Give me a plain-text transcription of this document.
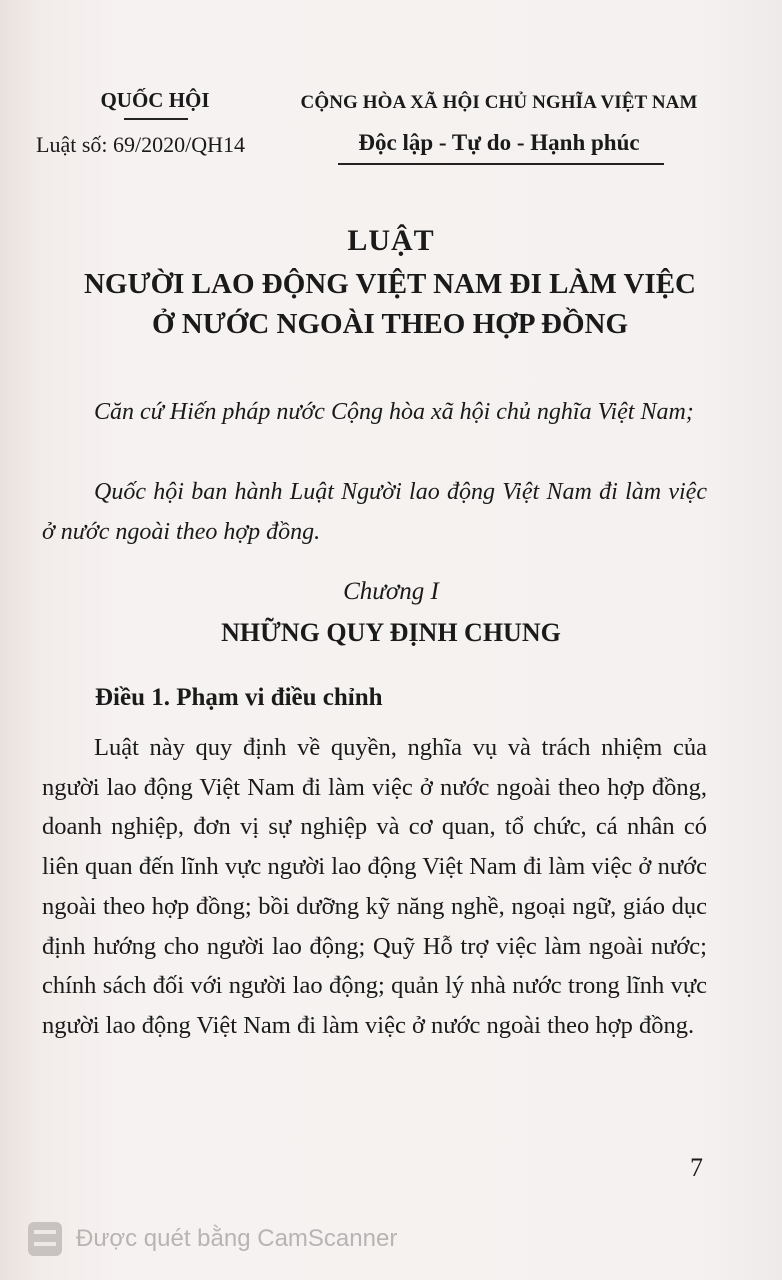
QUỐC HỘI
Luật số: 69/2020/QH14
CỘNG HÒA XÃ HỘI CHỦ NGHĨA VIỆT NAM
Độc lập - Tự do - Hạnh phúc
LUẬT
NGƯỜI LAO ĐỘNG VIỆT NAM ĐI LÀM VIỆC
Ở NƯỚC NGOÀI THEO HỢP ĐỒNG

Căn cứ Hiến pháp nước Cộng hòa xã hội chủ nghĩa Việt Nam;

Quốc hội ban hành Luật Người lao động Việt Nam đi làm việc ở nước ngoài theo hợp đồng.

Chương I
NHỮNG QUY ĐỊNH CHUNG
Điều 1. Phạm vi điều chỉnh

Luật này quy định về quyền, nghĩa vụ và trách nhiệm của người lao động Việt Nam đi làm việc ở nước ngoài theo hợp đồng, doanh nghiệp, đơn vị sự nghiệp và cơ quan, tổ chức, cá nhân có liên quan đến lĩnh vực người lao động Việt Nam đi làm việc ở nước ngoài theo hợp đồng; bồi dưỡng kỹ năng nghề, ngoại ngữ, giáo dục định hướng cho người lao động; Quỹ Hỗ trợ việc làm ngoài nước; chính sách đối với người lao động; quản lý nhà nước trong lĩnh vực người lao động Việt Nam đi làm việc ở nước ngoài theo hợp đồng.

7
Được quét bằng CamScanner
